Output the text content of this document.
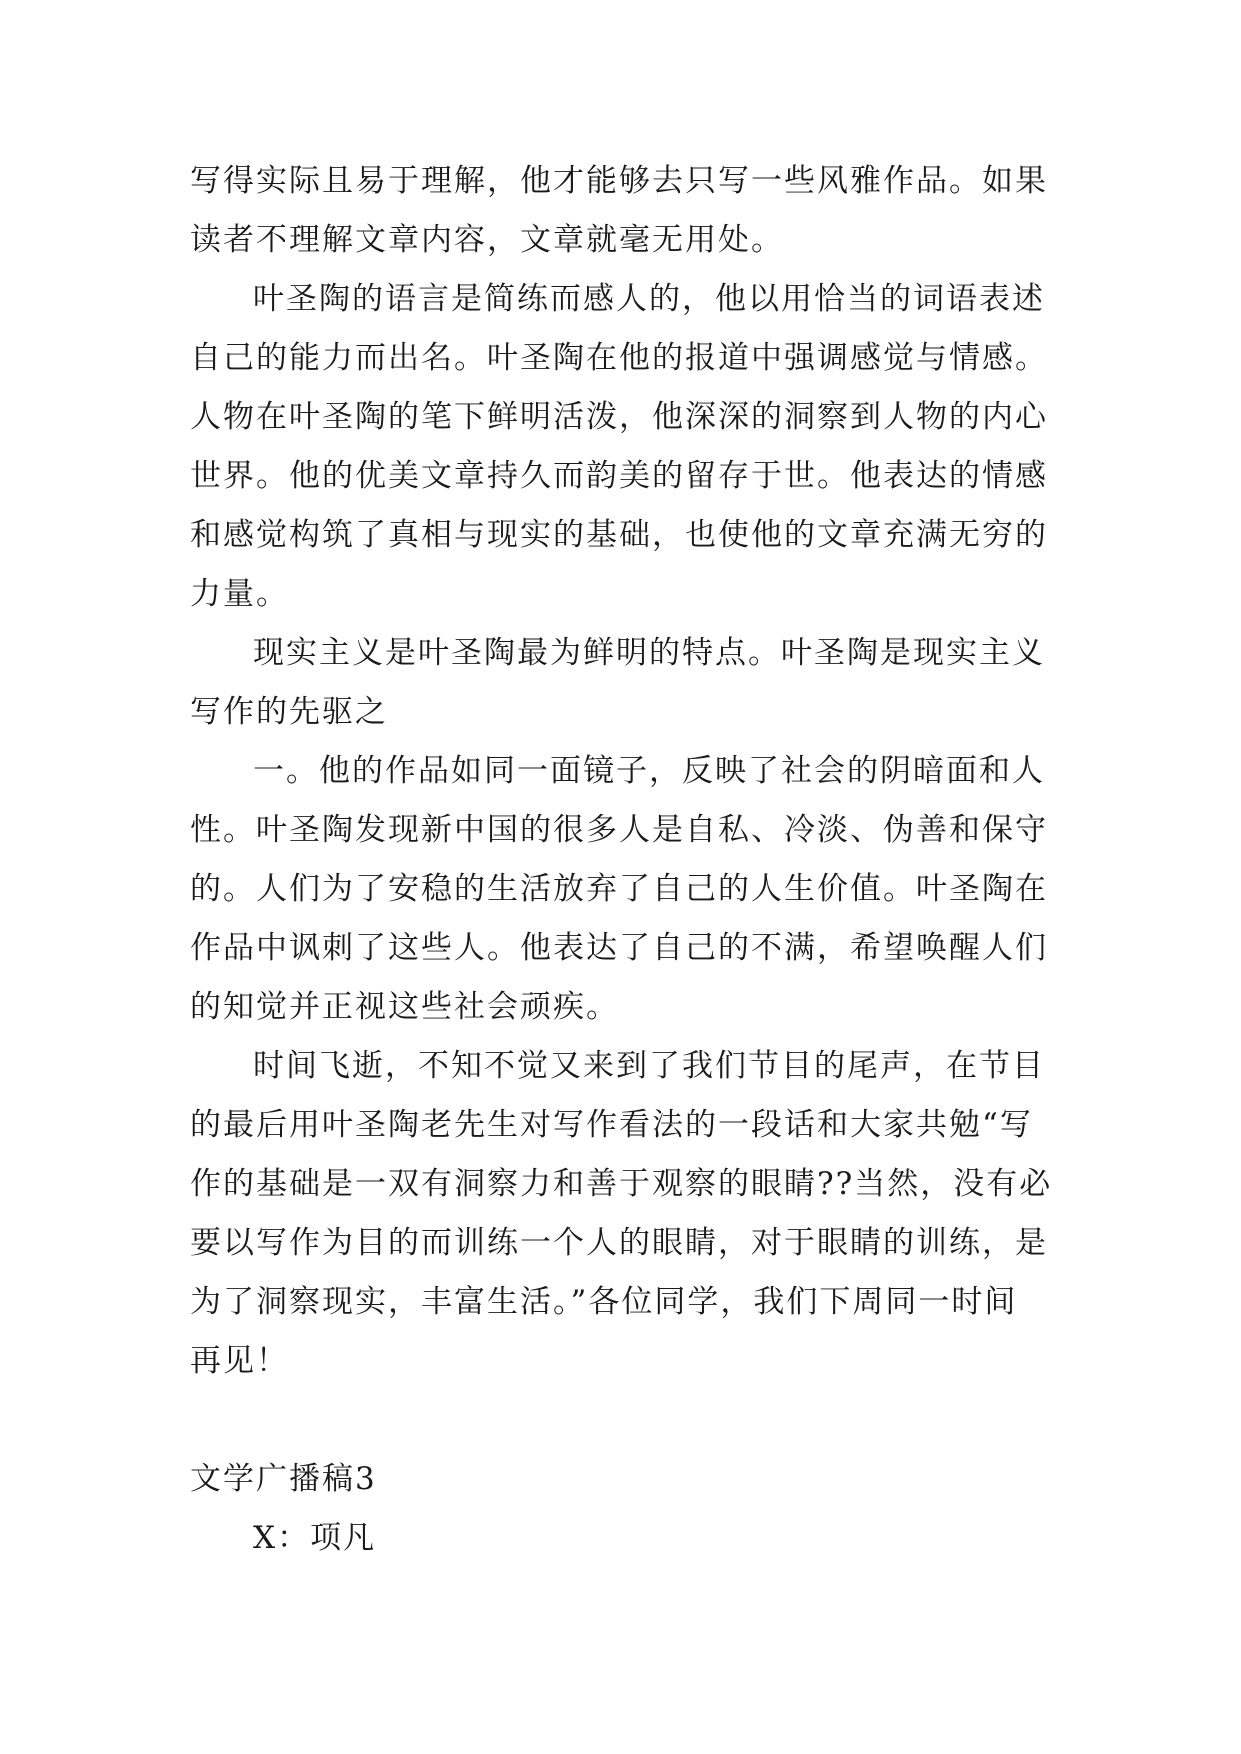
写得实际且易于理解，他才能够去只写一些风雅作品。如果
读者不理解文章内容，文章就毫无用处。
叶圣陶的语言是简练而感人的，他以用恰当的词语表述
自己的能力而出名。叶圣陶在他的报道中强调感觉与情感。
人物在叶圣陶的笔下鲜明活泼，他深深的洞察到人物的内心
世界。他的优美文章持久而韵美的留存于世。他表达的情感
和感觉构筑了真相与现实的基础，也使他的文章充满无穷的
力量。
现实主义是叶圣陶最为鲜明的特点。叶圣陶是现实主义
写作的先驱之
一。他的作品如同一面镜子，反映了社会的阴暗面和人
性。叶圣陶发现新中国的很多人是自私、冷淡、伪善和保守
的。人们为了安稳的生活放弃了自己的人生价值。叶圣陶在
作品中讽刺了这些人。他表达了自己的不满，希望唤醒人们
的知觉并正视这些社会顽疾。
时间飞逝，不知不觉又来到了我们节目的尾声，在节目
的最后用叶圣陶老先生对写作看法的一段话和大家共勉“写
作的基础是一双有洞察力和善于观察的眼睛??当然，没有必
要以写作为目的而训练一个人的眼睛，对于眼睛的训练，是
为了洞察现实，丰富生活。”各位同学，我们下周同一时间
再见！
文学广播稿3
X：项凡
